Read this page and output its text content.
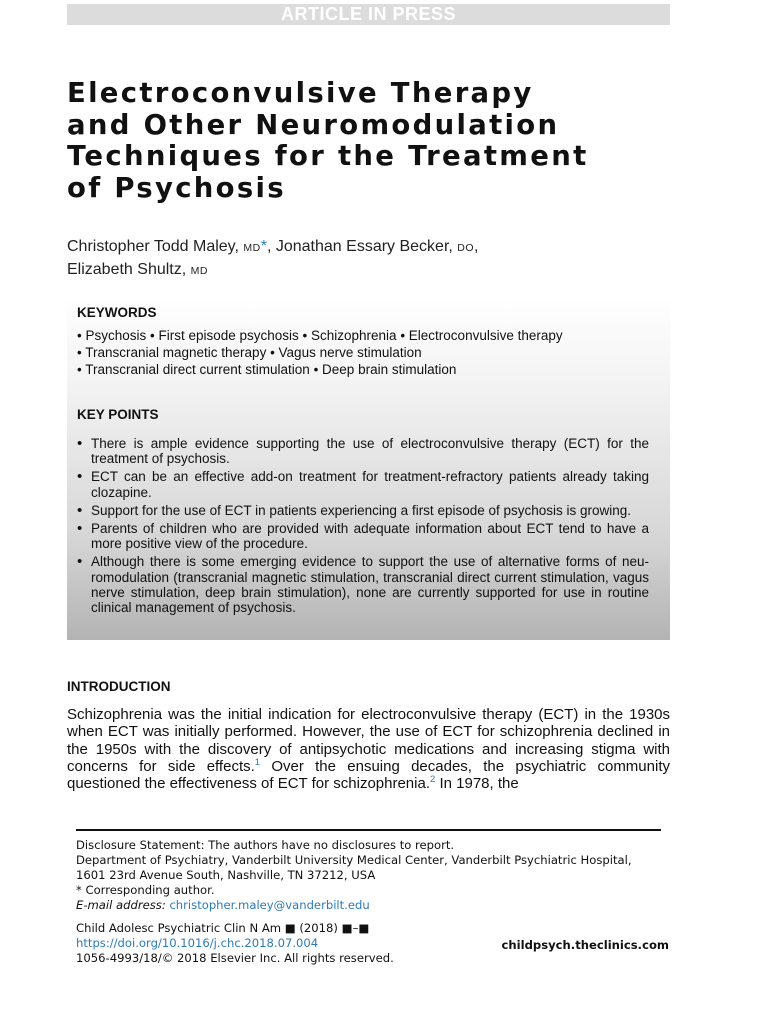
ARTICLE IN PRESS
Electroconvulsive Therapy
and Other Neuromodulation
Techniques for the Treatment
of Psychosis
Christopher Todd Maley, MD*, Jonathan Essary Becker, DO,
Elizabeth Shultz, MD
KEYWORDS
• Psychosis • First episode psychosis • Schizophrenia • Electroconvulsive therapy
• Transcranial magnetic therapy • Vagus nerve stimulation
• Transcranial direct current stimulation • Deep brain stimulation
KEY POINTS
• There is ample evidence supporting the use of electroconvulsive therapy (ECT) for the treatment of psychosis.
• ECT can be an effective add-on treatment for treatment-refractory patients already taking clozapine.
• Support for the use of ECT in patients experiencing a first episode of psychosis is growing.
• Parents of children who are provided with adequate information about ECT tend to have a more positive view of the procedure.
• Although there is some emerging evidence to support the use of alternative forms of neu-romodulation (transcranial magnetic stimulation, transcranial direct current stimulation, vagus nerve stimulation, deep brain stimulation), none are currently supported for use in routine clinical management of psychosis.
INTRODUCTION

Schizophrenia was the initial indication for electroconvulsive therapy (ECT) in the 1930s when ECT was initially performed. However, the use of ECT for schizophrenia declined in the 1950s with the discovery of antipsychotic medications and increasing stigma with concerns for side effects.$^1$ Over the ensuing decades, the psychiatric community questioned the effectiveness of ECT for schizophrenia.$^2$ In 1978, the

Disclosure Statement: The authors have no disclosures to report.
Department of Psychiatry, Vanderbilt University Medical Center, Vanderbilt Psychiatric Hospital,
1601 23rd Avenue South, Nashville, TN 37212, USA
* Corresponding author.
E-mail address: christopher.maley@vanderbilt.edu
Child Adolesc Psychiatric Clin N Am ■ (2018) ■–■
https://doi.org/10.1016/j.chc.2018.07.004
1056-4993/18/© 2018 Elsevier Inc. All rights reserved.
childpsych.theclinics.com
